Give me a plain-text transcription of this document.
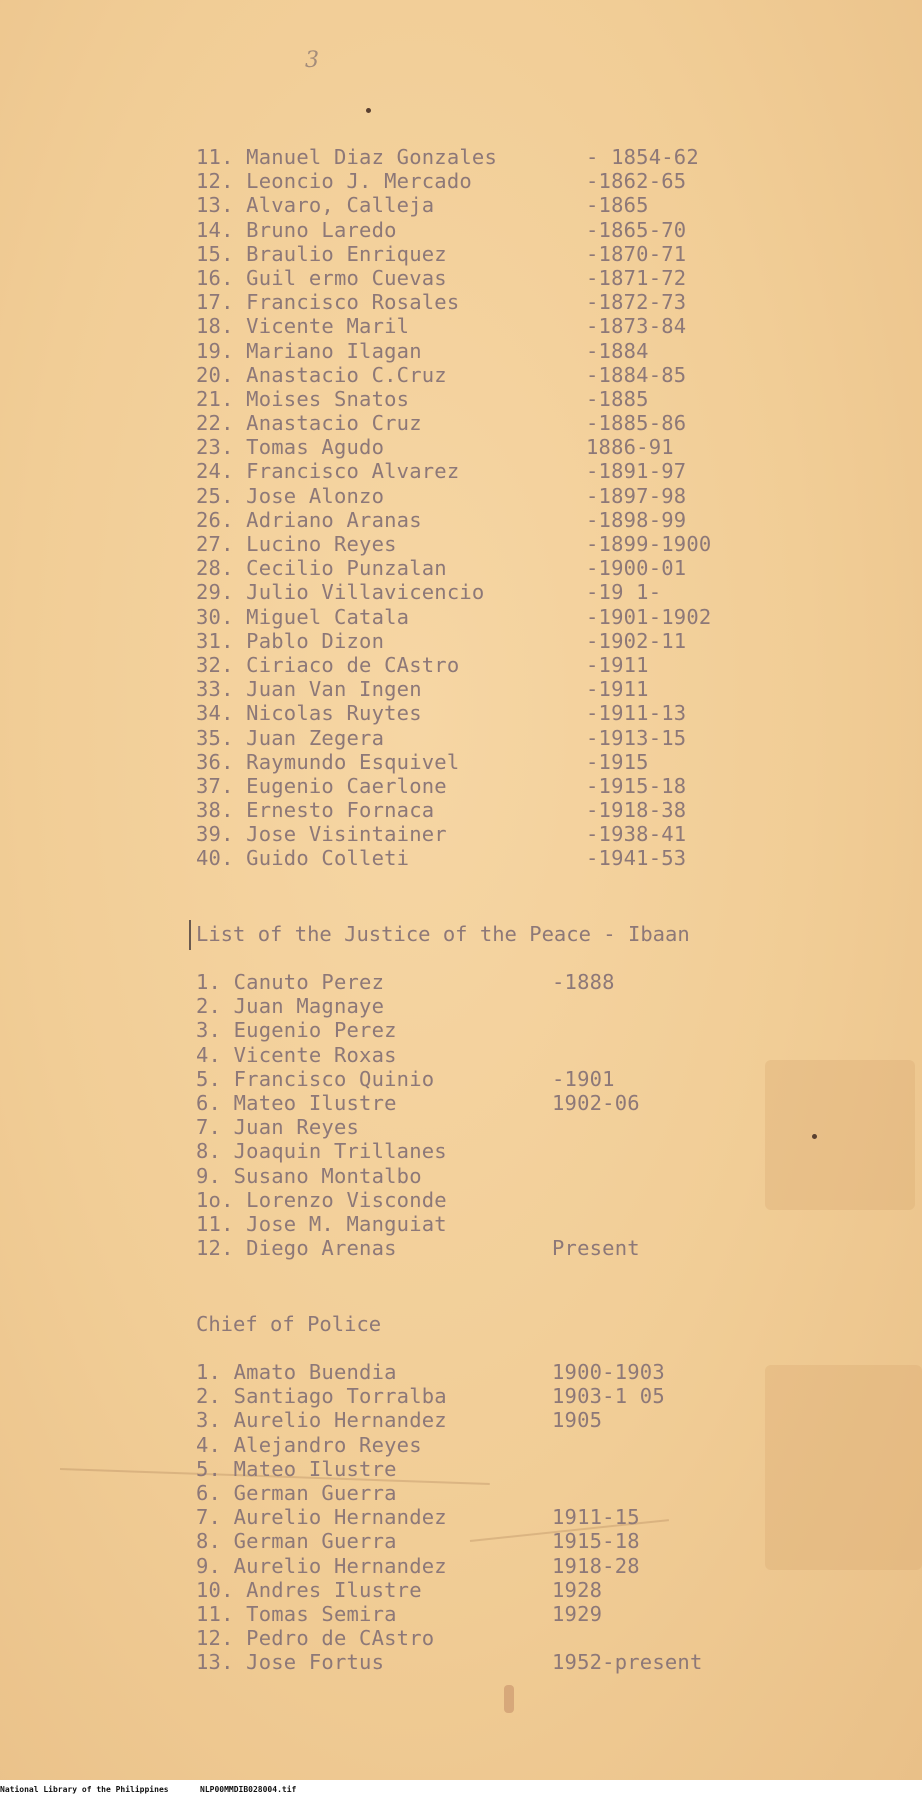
3
11. Manuel Diaz Gonzales	- 1854-62
12. Leoncio J. Mercado	-1862-65
13. Alvaro, Calleja	-1865
14. Bruno Laredo	-1865-70
15. Braulio Enriquez	-1870-71
16. Guil ermo Cuevas	-1871-72
17. Francisco Rosales	-1872-73
18. Vicente Maril	-1873-84
19. Mariano Ilagan	-1884
20. Anastacio C.Cruz	-1884-85
21. Moises Snatos	-1885
22. Anastacio Cruz	-1885-86
23. Tomas Agudo	1886-91
24. Francisco Alvarez	-1891-97
25. Jose Alonzo	-1897-98
26. Adriano Aranas	-1898-99
27. Lucino Reyes	-1899-1900
28. Cecilio Punzalan	-1900-01
29. Julio Villavicencio	-19 1-
30. Miguel Catala	-1901-1902
31. Pablo Dizon	-1902-11
32. Ciriaco de CAstro	-1911
33. Juan Van Ingen	-1911
34. Nicolas Ruytes	-1911-13
35. Juan Zegera	-1913-15
36. Raymundo Esquivel	-1915
37. Eugenio Caerlone	-1915-18
38. Ernesto Fornaca	-1918-38
39. Jose Visintainer	-1938-41
40. Guido Colleti	-1941-53
List of the Justice of the Peace - Ibaan
1. Canuto Perez	-1888
2. Juan Magnaye
3. Eugenio Perez
4. Vicente Roxas
5. Francisco Quinio	-1901
6. Mateo Ilustre	1902-06
7. Juan Reyes
8. Joaquin Trillanes
9. Susano Montalbo
1o. Lorenzo Visconde
11. Jose M. Manguiat
12. Diego Arenas	Present
Chief of Police
1. Amato Buendia	1900-1903
2. Santiago Torralba	1903-1 05
3. Aurelio Hernandez	1905
4. Alejandro Reyes
5. Mateo Ilustre
6. German Guerra
7. Aurelio Hernandez	1911-15
8. German Guerra	1915-18
9. Aurelio Hernandez	1918-28
10. Andres Ilustre	1928
11. Tomas Semira	1929
12. Pedro de CAstro
13. Jose Fortus	1952-present
National Library of the Philippines	NLP00MMDIB028004.tif
